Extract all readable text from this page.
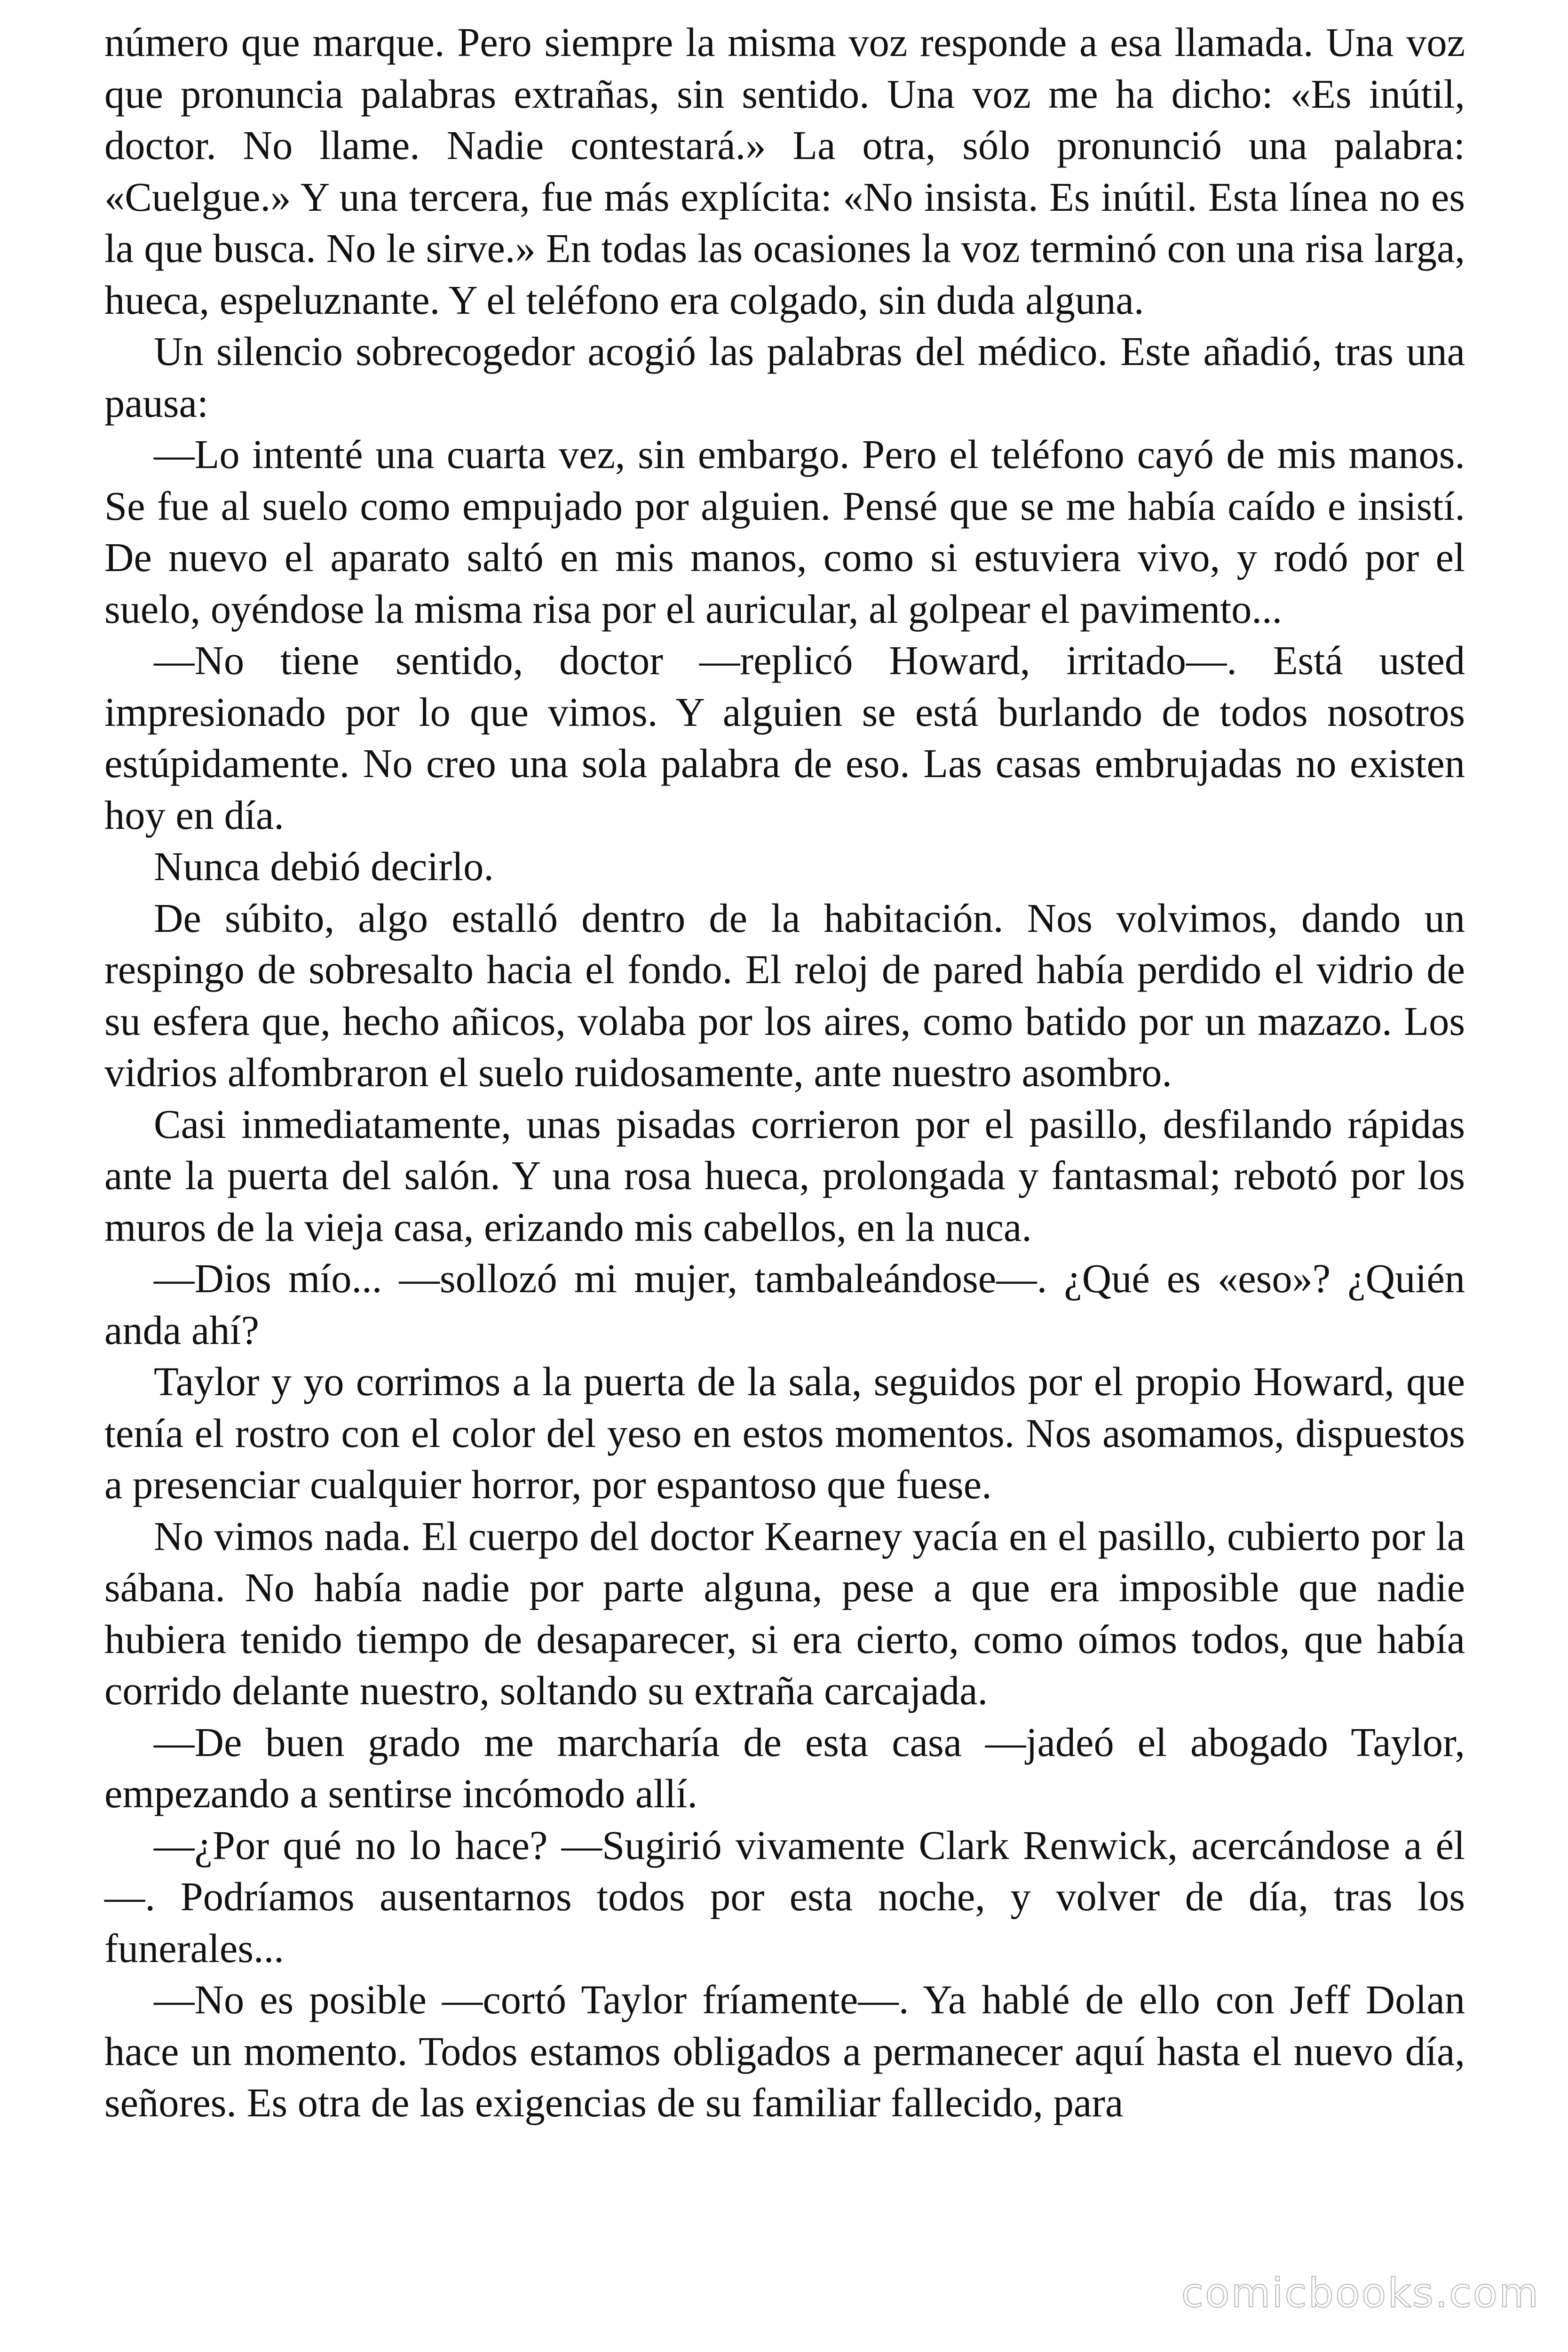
número que marque. Pero siempre la misma voz responde a esa llamada. Una voz que pronuncia palabras extrañas, sin sentido. Una voz me ha dicho: «Es inútil, doctor. No llame. Nadie contestará.» La otra, sólo pronunció una palabra: «Cuelgue.» Y una tercera, fue más explícita: «No insista. Es inútil. Esta línea no es la que busca. No le sirve.» En todas las ocasiones la voz terminó con una risa larga, hueca, espeluznante. Y el teléfono era colgado, sin duda alguna.

Un silencio sobrecogedor acogió las palabras del médico. Este añadió, tras una pausa:

—Lo intenté una cuarta vez, sin embargo. Pero el teléfono cayó de mis manos. Se fue al suelo como empujado por alguien. Pensé que se me había caído e insistí. De nuevo el aparato saltó en mis manos, como si estuviera vivo, y rodó por el suelo, oyéndose la misma risa por el auricular, al golpear el pavimento...

—No tiene sentido, doctor —replicó Howard, irritado—. Está usted impresionado por lo que vimos. Y alguien se está burlando de todos nosotros estúpidamente. No creo una sola palabra de eso. Las casas embrujadas no existen hoy en día.

Nunca debió decirlo.

De súbito, algo estalló dentro de la habitación. Nos volvimos, dando un respingo de sobresalto hacia el fondo. El reloj de pared había perdido el vidrio de su esfera que, hecho añicos, volaba por los aires, como batido por un mazazo. Los vidrios alfombraron el suelo ruidosamente, ante nuestro asombro.

Casi inmediatamente, unas pisadas corrieron por el pasillo, desfilando rápidas ante la puerta del salón. Y una rosa hueca, prolongada y fantasmal; rebotó por los muros de la vieja casa, erizando mis cabellos, en la nuca.

—Dios mío... —sollozó mi mujer, tambaleándose—. ¿Qué es «eso»? ¿Quién anda ahí?

Taylor y yo corrimos a la puerta de la sala, seguidos por el propio Howard, que tenía el rostro con el color del yeso en estos momentos. Nos asomamos, dispuestos a presenciar cualquier horror, por espantoso que fuese.

No vimos nada. El cuerpo del doctor Kearney yacía en el pasillo, cubierto por la sábana. No había nadie por parte alguna, pese a que era imposible que nadie hubiera tenido tiempo de desaparecer, si era cierto, como oímos todos, que había corrido delante nuestro, soltando su extraña carcajada.

—De buen grado me marcharía de esta casa —jadeó el abogado Taylor, empezando a sentirse incómodo allí.

—¿Por qué no lo hace? —Sugirió vivamente Clark Renwick, acercándose a él—. Podríamos ausentarnos todos por esta noche, y volver de día, tras los funerales...

—No es posible —cortó Taylor fríamente—. Ya hablé de ello con Jeff Dolan hace un momento. Todos estamos obligados a permanecer aquí hasta el nuevo día, señores. Es otra de las exigencias de su familiar fallecido, para

comicbooks.com
